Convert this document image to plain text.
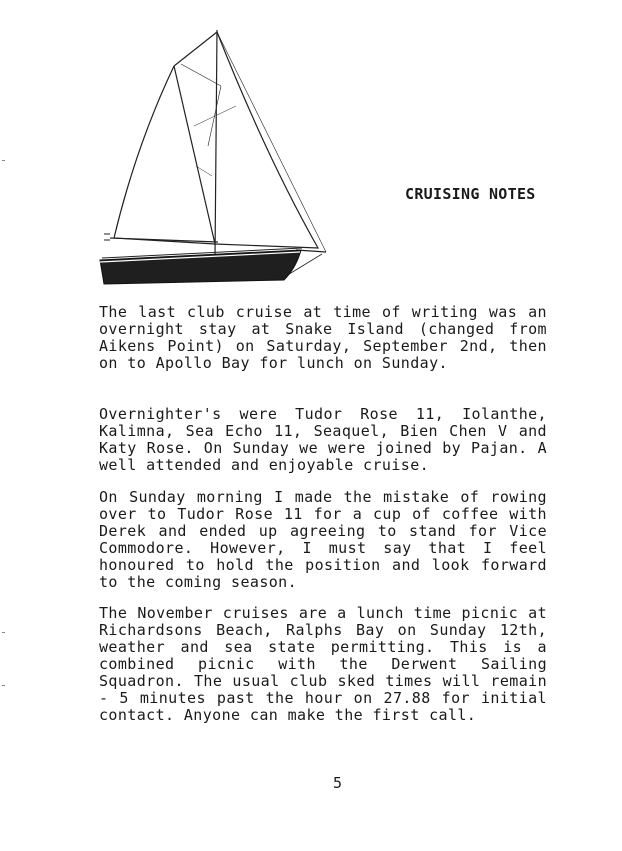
CRUISING NOTES

The last club cruise at time of writing was an overnight stay at Snake Island (changed from Aikens Point) on Saturday, September 2nd, then on to Apollo Bay for lunch on Sunday.

Overnighter's were Tudor Rose 11, Iolanthe, Kalimna, Sea Echo 11, Seaquel, Bien Chen V and Katy Rose. On Sunday we were joined by Pajan. A well attended and enjoyable cruise.

On Sunday morning I made the mistake of rowing over to Tudor Rose 11 for a cup of coffee with Derek and ended up agreeing to stand for Vice Commodore. However, I must say that I feel honoured to hold the position and look forward to the coming season.

The November cruises are a lunch time picnic at Richardsons Beach, Ralphs Bay on Sunday 12th, weather and sea state permitting. This is a combined picnic with the Derwent Sailing Squadron. The usual club sked times will remain - 5 minutes past the hour on 27.88 for initial contact. Anyone can make the first call.

5
